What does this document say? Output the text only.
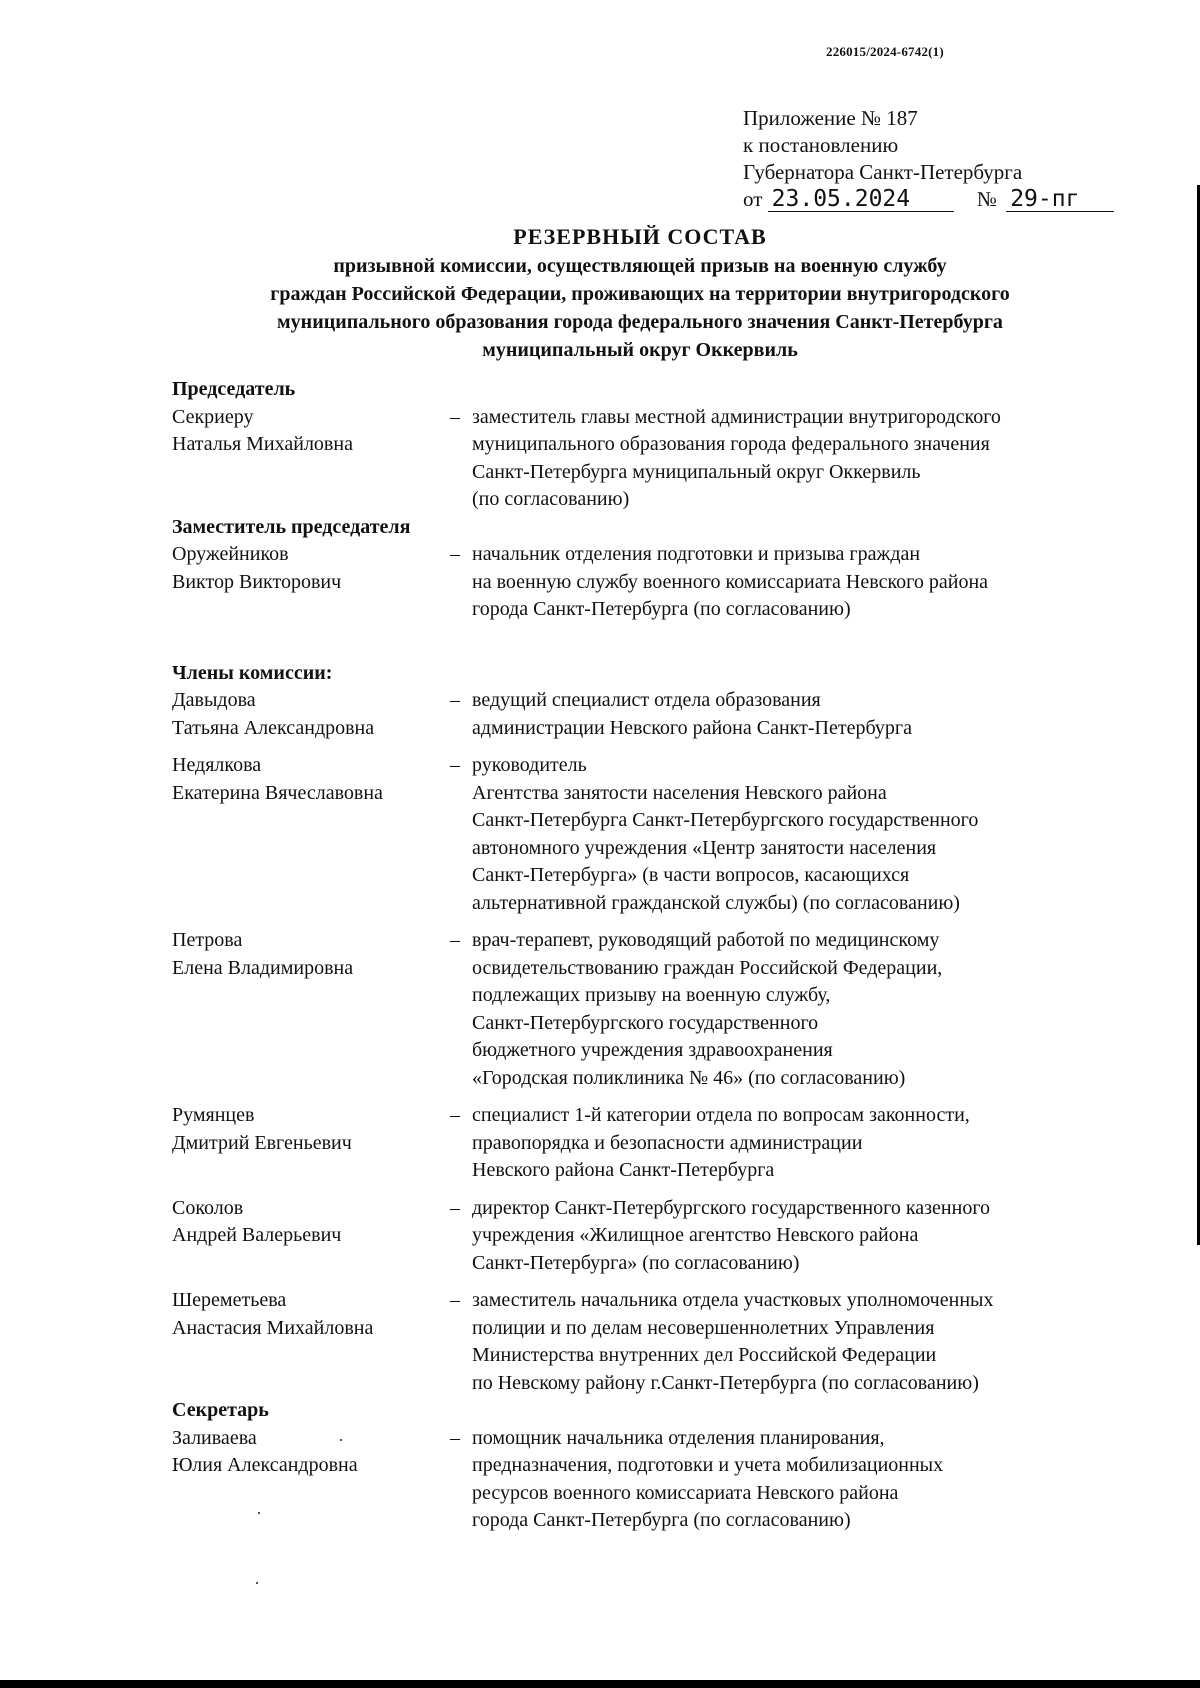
226015/2024-6742(1)
Приложение № 187
к постановлению
Губернатора Санкт-Петербурга
от 23.05.2024	№ 29-пг
РЕЗЕРВНЫЙ СОСТАВ
призывной комиссии, осуществляющей призыв на военную службу
граждан Российской Федерации, проживающих на территории внутригородского
муниципального образования города федерального значения Санкт-Петербурга
муниципальный округ Оккервиль
Председатель
Секриеру
Наталья Михайловна
– заместитель главы местной администрации внутригородского
муниципального образования города федерального значения
Санкт-Петербурга муниципальный округ Оккервиль
(по согласованию)
Заместитель председателя
Оружейников
Виктор Викторович
– начальник отделения подготовки и призыва граждан
на военную службу военного комиссариата Невского района
города Санкт-Петербурга (по согласованию)
Члены комиссии:
Давыдова
Татьяна Александровна
– ведущий специалист отдела образования
администрации Невского района Санкт-Петербурга
Недялкова
Екатерина Вячеславовна
– руководитель
Агентства занятости населения Невского района
Санкт-Петербурга Санкт-Петербургского государственного
автономного учреждения «Центр занятости населения
Санкт-Петербурга» (в части вопросов, касающихся
альтернативной гражданской службы) (по согласованию)
Петрова
Елена Владимировна
– врач-терапевт, руководящий работой по медицинскому
освидетельствованию граждан Российской Федерации,
подлежащих призыву на военную службу,
Санкт-Петербургского государственного
бюджетного учреждения здравоохранения
«Городская поликлиника № 46» (по согласованию)
Румянцев
Дмитрий Евгеньевич
– специалист 1-й категории отдела по вопросам законности,
правопорядка и безопасности администрации
Невского района Санкт-Петербурга
Соколов
Андрей Валерьевич
– директор Санкт-Петербургского государственного казенного
учреждения «Жилищное агентство Невского района
Санкт-Петербурга» (по согласованию)
Шереметьева
Анастасия Михайловна
– заместитель начальника отдела участковых уполномоченных
полиции и по делам несовершеннолетних Управления
Министерства внутренних дел Российской Федерации
по Невскому району г.Санкт-Петербурга (по согласованию)
Секретарь
Заливаева
Юлия Александровна
– помощник начальника отделения планирования,
предназначения, подготовки и учета мобилизационных
ресурсов военного комиссариата Невского района
города Санкт-Петербурга (по согласованию)
